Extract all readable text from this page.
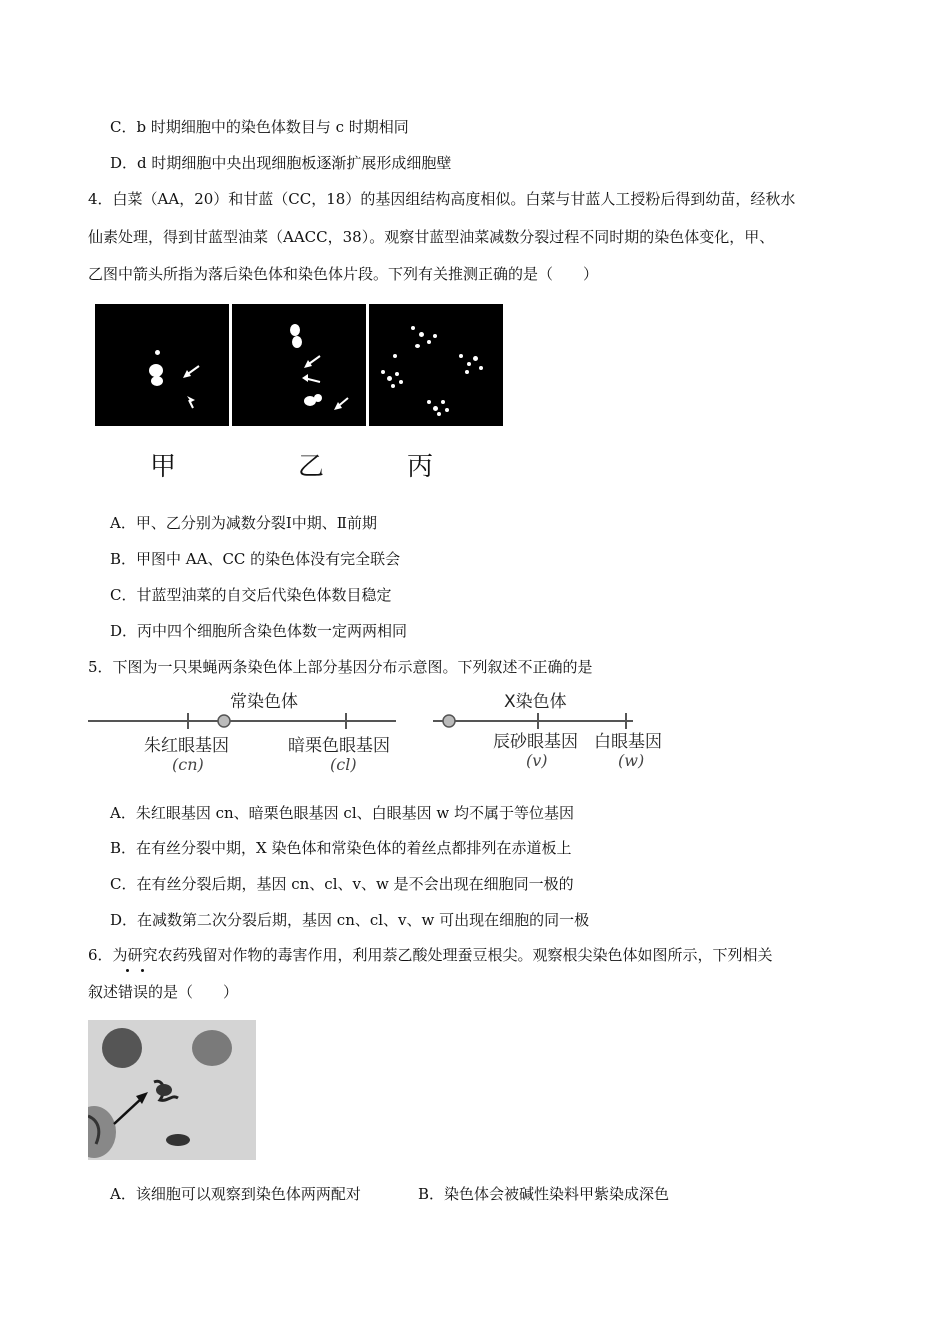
C．b 时期细胞中的染色体数目与 c 时期相同
D．d 时期细胞中央出现细胞板逐渐扩展形成细胞壁
4．白菜（AA，20）和甘蓝（CC，18）的基因组结构高度相似。白菜与甘蓝人工授粉后得到幼苗，经秋水
仙素处理，得到甘蓝型油菜（AACC，38）。观察甘蓝型油菜减数分裂过程不同时期的染色体变化，甲、
乙图中箭头所指为落后染色体和染色体片段。下列有关推测正确的是（　　）
甲	乙	丙
A．甲、乙分别为减数分裂Ⅰ中期、Ⅱ前期
B．甲图中 AA、CC 的染色体没有完全联会
C．甘蓝型油菜的自交后代染色体数目稳定
D．丙中四个细胞所含染色体数一定两两相同
5．下图为一只果蝇两条染色体上部分基因分布示意图。下列叙述不正确的是
常染色体	X染色体
朱红眼基因
(cn)
暗栗色眼基因
(cl)
辰砂眼基因
(v)
白眼基因
(w)
A．朱红眼基因 cn、暗栗色眼基因 cl、白眼基因 w 均不属于等位基因
B．在有丝分裂中期，X 染色体和常染色体的着丝点都排列在赤道板上
C．在有丝分裂后期，基因 cn、cl、v、w 是不会出现在细胞同一极的
D．在减数第二次分裂后期，基因 cn、cl、v、w 可出现在细胞的同一极
6．为研究农药残留对作物的毒害作用，利用萘乙酸处理蚕豆根尖。观察根尖染色体如图所示，下列相关
叙述错误的是（　　）
A．该细胞可以观察到染色体两两配对	B．染色体会被碱性染料甲紫染成深色
